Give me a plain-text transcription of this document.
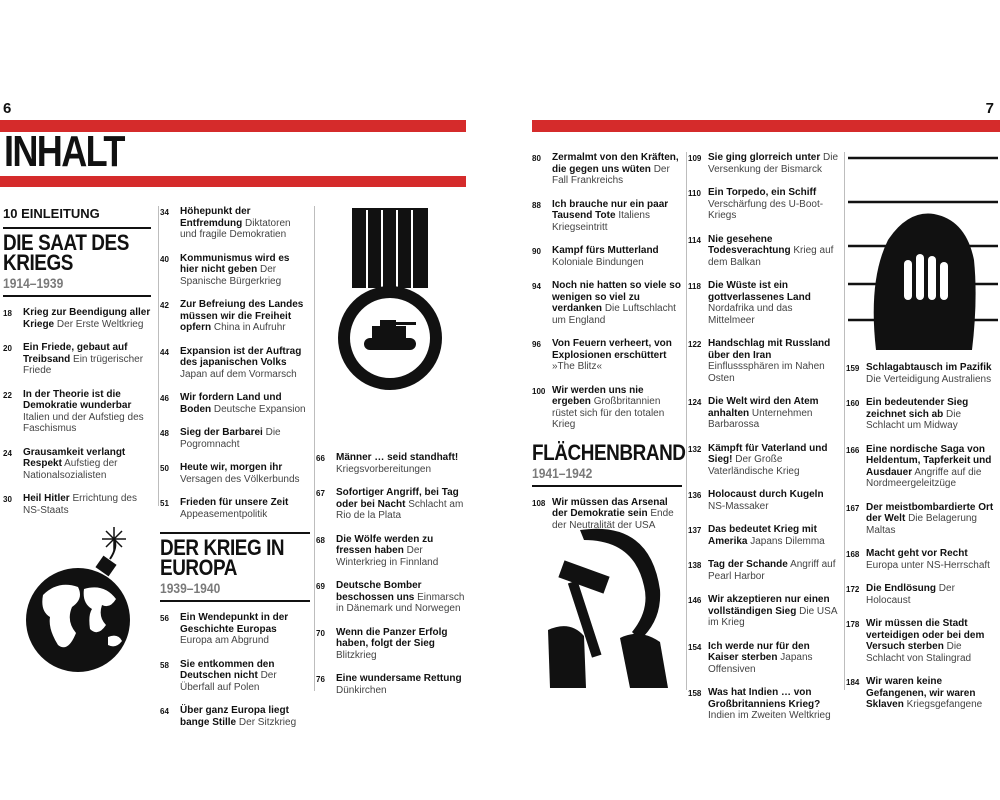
6	7
INHALT
10 EINLEITUNG
DIE SAAT DES
KRIEGS
1914–1939
18	Krieg zur Beendigung aller Kriege Der Erste Weltkrieg
20	Ein Friede, gebaut auf Treibsand Ein trügerischer Friede
22	In der Theorie ist die Demokratie wunderbar Italien und der Aufstieg des Faschismus
24	Grausamkeit verlangt Respekt Aufstieg der Nationalsozialisten
30	Heil Hitler Errichtung des NS-Staats
34	Höhepunkt der Entfremdung Diktatoren und fragile Demokratien
40	Kommunismus wird es hier nicht geben Der Spanische Bürgerkrieg
42	Zur Befreiung des Landes müssen wir die Freiheit opfern China in Aufruhr
44	Expansion ist der Auftrag des japanischen Volks Japan auf dem Vormarsch
46	Wir fordern Land und Boden Deutsche Expansion
48	Sieg der Barbarei Die Pogromnacht
50	Heute wir, morgen ihr Versagen des Völkerbunds
51	Frieden für unsere Zeit Appeasementpolitik
DER KRIEG IN
EUROPA
1939–1940
56	Ein Wendepunkt in der Geschichte Europas Europa am Abgrund
58	Sie entkommen den Deutschen nicht Der Überfall auf Polen
64	Über ganz Europa liegt bange Stille Der Sitzkrieg
66	Männer … seid standhaft! Kriegsvorbereitungen
67	Sofortiger Angriff, bei Tag oder bei Nacht Schlacht am Rio de la Plata
68	Die Wölfe werden zu fressen haben Der Winterkrieg in Finnland
69	Deutsche Bomber beschossen uns Einmarsch in Dänemark und Norwegen
70	Wenn die Panzer Erfolg haben, folgt der Sieg Blitzkrieg
76	Eine wundersame Rettung Dünkirchen
80	Zermalmt von den Kräften, die gegen uns wüten Der Fall Frankreichs
88	Ich brauche nur ein paar Tausend Tote Italiens Kriegseintritt
90	Kampf fürs Mutterland Koloniale Bindungen
94	Noch nie hatten so viele so wenigen so viel zu verdanken Die Luftschlacht um England
96	Von Feuern verheert, von Explosionen erschüttert »The Blitz«
100 Wir werden uns nie ergeben Großbritannien rüstet sich für den totalen Krieg
FLÄCHENBRAND
1941–1942
108 Wir müssen das Arsenal der Demokratie sein Ende der Neutralität der USA
109 Sie ging glorreich unter Die Versenkung der Bismarck
110 Ein Torpedo, ein Schiff Verschärfung des U-Boot-Kriegs
114 Nie gesehene Todesverachtung Krieg auf dem Balkan
118 Die Wüste ist ein gottverlassenes Land Nordafrika und das Mittelmeer
122 Handschlag mit Russland über den Iran Einflusssphären im Nahen Osten
124 Die Welt wird den Atem anhalten Unternehmen Barbarossa
132 Kämpft für Vaterland und Sieg! Der Große Vaterländische Krieg
136 Holocaust durch Kugeln NS-Massaker
137 Das bedeutet Krieg mit Amerika Japans Dilemma
138 Tag der Schande Angriff auf Pearl Harbor
146 Wir akzeptieren nur einen vollständigen Sieg Die USA im Krieg
154 Ich werde nur für den Kaiser sterben Japans Offensiven
158 Was hat Indien … von Großbritanniens Krieg? Indien im Zweiten Weltkrieg
159 Schlagabtausch im Pazifik Die Verteidigung Australiens
160 Ein bedeutender Sieg zeichnet sich ab Die Schlacht um Midway
166 Eine nordische Saga von Heldentum, Tapferkeit und Ausdauer Angriffe auf die Nordmeergeleitzüge
167 Der meistbombardierte Ort der Welt Die Belagerung Maltas
168 Macht geht vor Recht Europa unter NS-Herrschaft
172 Die Endlösung Der Holocaust
178 Wir müssen die Stadt verteidigen oder bei dem Versuch sterben Die Schlacht von Stalingrad
184 Wir waren keine Gefangenen, wir waren Sklaven Kriegsgefangene
